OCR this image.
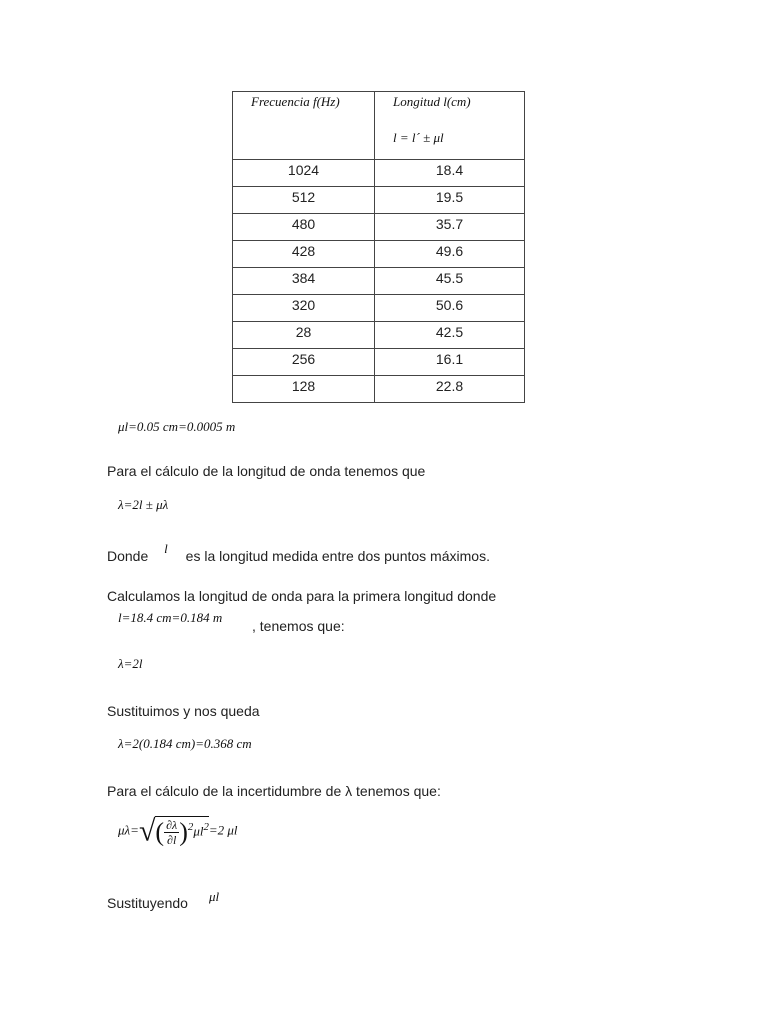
Frecuencia f(Hz)	Longitud l(cm)
l = l´ ± μl

1024	18.4
512	19.5
480	35.7
428	49.6
384	45.5
320	50.6
28	42.5
256	16.1
128	22.8
μl=0.05 cm=0.0005 m
Para el cálculo de la longitud de onda tenemos que
λ=2l ± μλ
Donde l es la longitud medida entre dos puntos máximos.
Calculamos la longitud de onda para la primera longitud donde
l=18.4 cm=0.184 m
, tenemos que:
λ=2l
Sustituimos y nos queda
λ=2(0.184 cm)=0.368 cm
Para el cálculo de la incertidumbre de λ tenemos que:
$\mu\lambda=√( \frac{\partial\lambda}{\partial l} )^2\mu l^2=2$ μl
Sustituyendo μl
